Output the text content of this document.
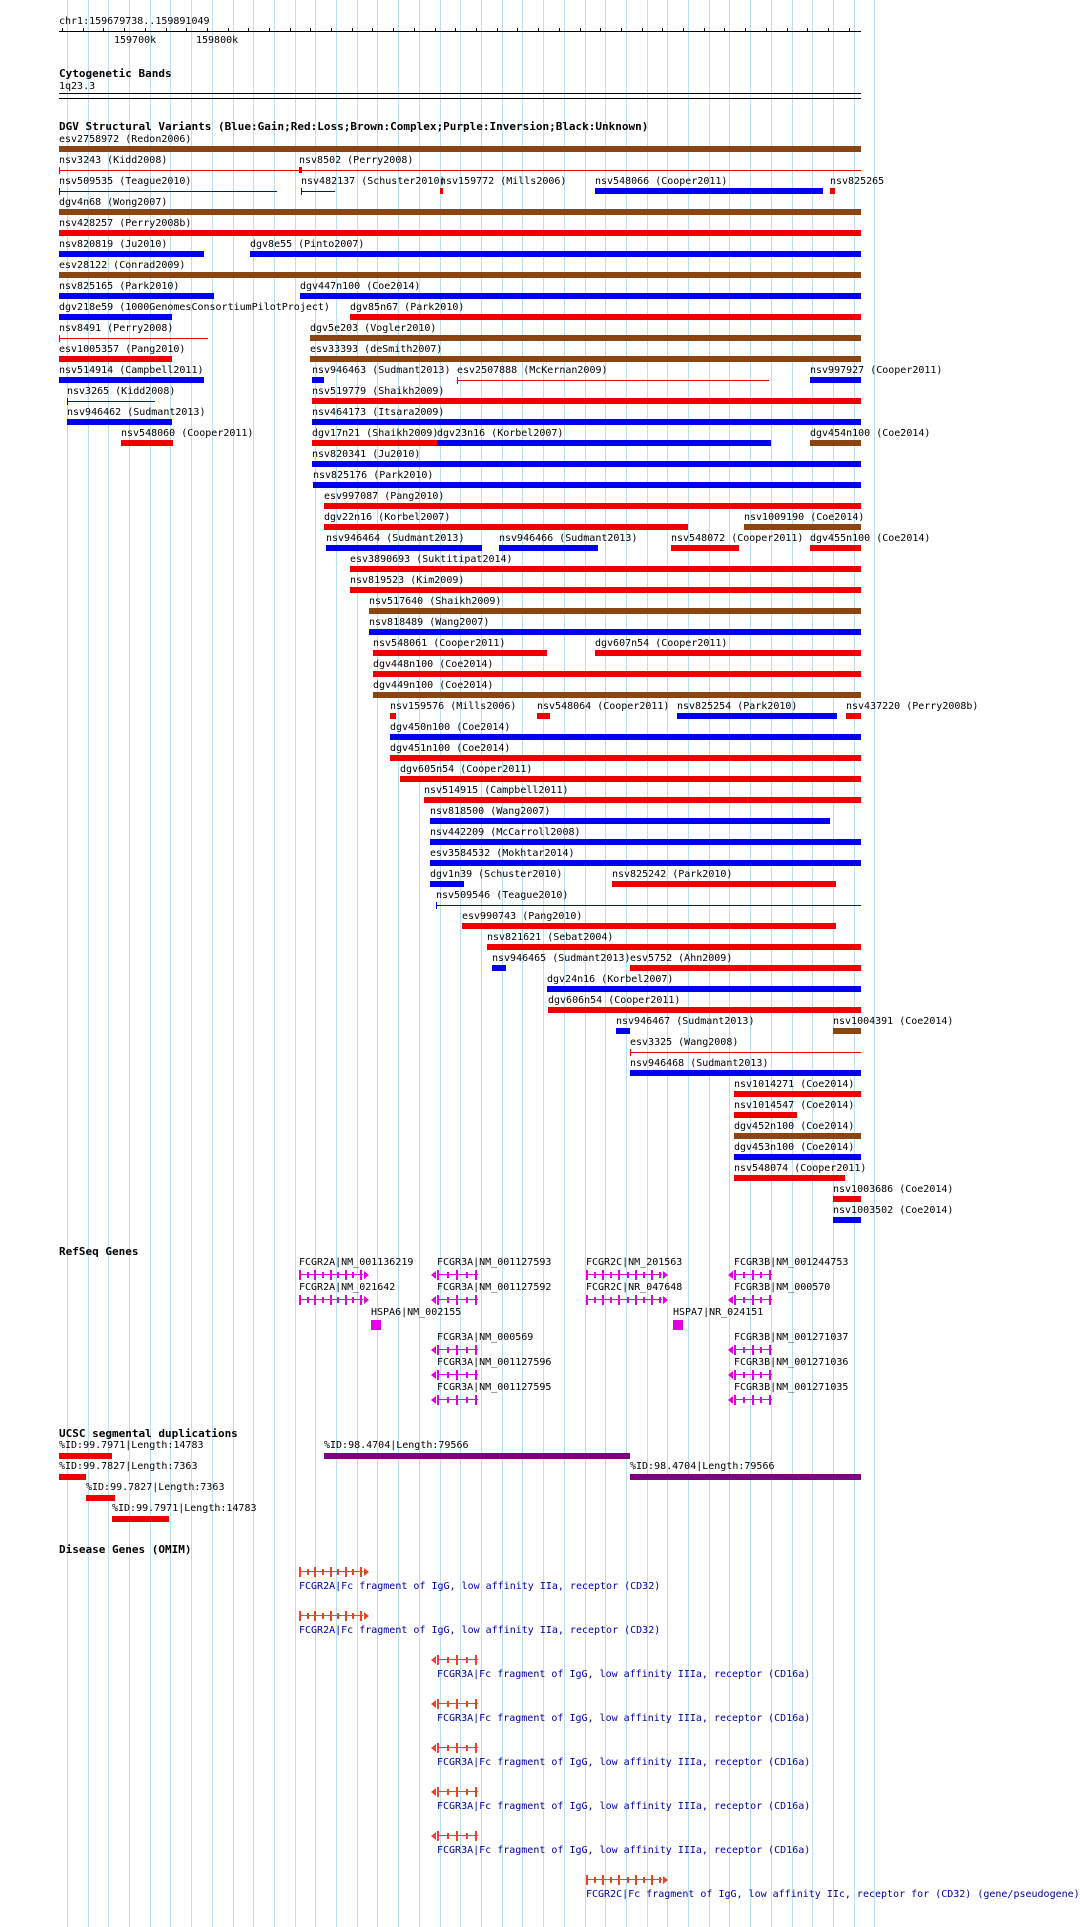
chr1:159679738..159891049
159700k	159800k
Cytogenetic Bands
1q23.3
DGV Structural Variants (Blue:Gain;Red:Loss;Brown:Complex;Purple:Inversion;Black:Unknown)
esv2758972 (Redon2006)
nsv3243 (Kidd2008)	nsv8502 (Perry2008)
nsv509535 (Teague2010)	nsv482137 (Schuster2010)
nsv159772 (Mills2006)	nsv548066 (Cooper2011)	nsv825265
dgv4n68 (Wong2007)
nsv428257 (Perry2008b)
nsv820819 (Ju2010)	dgv8e55 (Pinto2007)
esv28122 (Conrad2009)
nsv825165 (Park2010)	dgv447n100 (Coe2014)
dgv218e59 (1000GenomesConsortiumPilotProject) dgv85n67 (Park2010)
nsv8491 (Perry2008)	dgv5e203 (Vogler2010)
esv1005357 (Pang2010)	esv33393 (deSmith2007)
nsv514914 (Campbell2011)	nsv946463 (Sudmant2013) esv2507888 (McKernan2009)	nsv997927 (Cooper2011)
nsv3265 (Kidd2008)	nsv519779 (Shaikh2009)
nsv946462 (Sudmant2013)	nsv464173 (Itsara2009)
nsv548060 (Cooper2011)	dgv17n21 (Shaikh2009)
dgv23n16 (Korbel2007)	dgv454n100 (Coe2014)
nsv820341 (Ju2010)
nsv825176 (Park2010)
esv997087 (Pang2010)
dgv22n16 (Korbel2007)	nsv1009190 (Coe2014)
nsv946464 (Sudmant2013)	nsv946466 (Sudmant2013)	nsv548072 (Cooper2011) dgv455n100 (Coe2014)
esv3890693 (Suktitipat2014)
nsv819523 (Kim2009)
nsv517640 (Shaikh2009)
nsv818489 (Wang2007)
nsv548061 (Cooper2011)	dgv607n54 (Cooper2011)
dgv448n100 (Coe2014)
dgv449n100 (Coe2014)
nsv159576 (Mills2006) nsv548064 (Cooper2011) nsv825254 (Park2010)	nsv437220 (Perry2008b)
dgv450n100 (Coe2014)
dgv451n100 (Coe2014)
dgv605n54 (Cooper2011)
nsv514915 (Campbell2011)
nsv818500 (Wang2007)
nsv442209 (McCarroll2008)
esv3584532 (Mokhtar2014)
dgv1n39 (Schuster2010)	nsv825242 (Park2010)
nsv509546 (Teague2010)
esv990743 (Pang2010)
nsv821621 (Sebat2004)
nsv946465 (Sudmant2013) esv5752 (Ahn2009)
dgv24n16 (Korbel2007)
dgv606n54 (Cooper2011)
nsv946467 (Sudmant2013)	nsv1004391 (Coe2014)
esv3325 (Wang2008)
nsv946468 (Sudmant2013)
nsv1014271 (Coe2014)
nsv1014547 (Coe2014)
dgv452n100 (Coe2014)
dgv453n100 (Coe2014)
nsv548074 (Cooper2011)
nsv1003686 (Coe2014)
nsv1003502 (Coe2014)
RefSeq Genes
FCGR2A|NM_001136219
FCGR2A|NM_021642
HSPA6|NM_002155
FCGR3A|NM_001127593
FCGR3A|NM_001127592
FCGR3A|NM_000569
FCGR3A|NM_001127596
FCGR3A|NM_001127595
FCGR2C|NM_201563
FCGR2C|NR_047648
HSPA7|NR_024151
FCGR3B|NM_001244753
FCGR3B|NM_000570
FCGR3B|NM_001271037
FCGR3B|NM_001271036
FCGR3B|NM_001271035
UCSC segmental duplications
%ID:99.7971|Length:14783	%ID:98.4704|Length:79566
%ID:99.7827|Length:7363	%ID:98.4704|Length:79566
%ID:99.7827|Length:7363
%ID:99.7971|Length:14783
Disease Genes (OMIM)
FCGR2A|Fc fragment of IgG, low affinity IIa, receptor (CD32)
FCGR2A|Fc fragment of IgG, low affinity IIa, receptor (CD32)
FCGR3A|Fc fragment of IgG, low affinity IIIa, receptor (CD16a)
FCGR3A|Fc fragment of IgG, low affinity IIIa, receptor (CD16a)
FCGR3A|Fc fragment of IgG, low affinity IIIa, receptor (CD16a)
FCGR3A|Fc fragment of IgG, low affinity IIIa, receptor (CD16a)
FCGR3A|Fc fragment of IgG, low affinity IIIa, receptor (CD16a)
FCGR2C|Fc fragment of IgG, low affinity IIc, receptor for (CD32) (gene/pseudogene)
